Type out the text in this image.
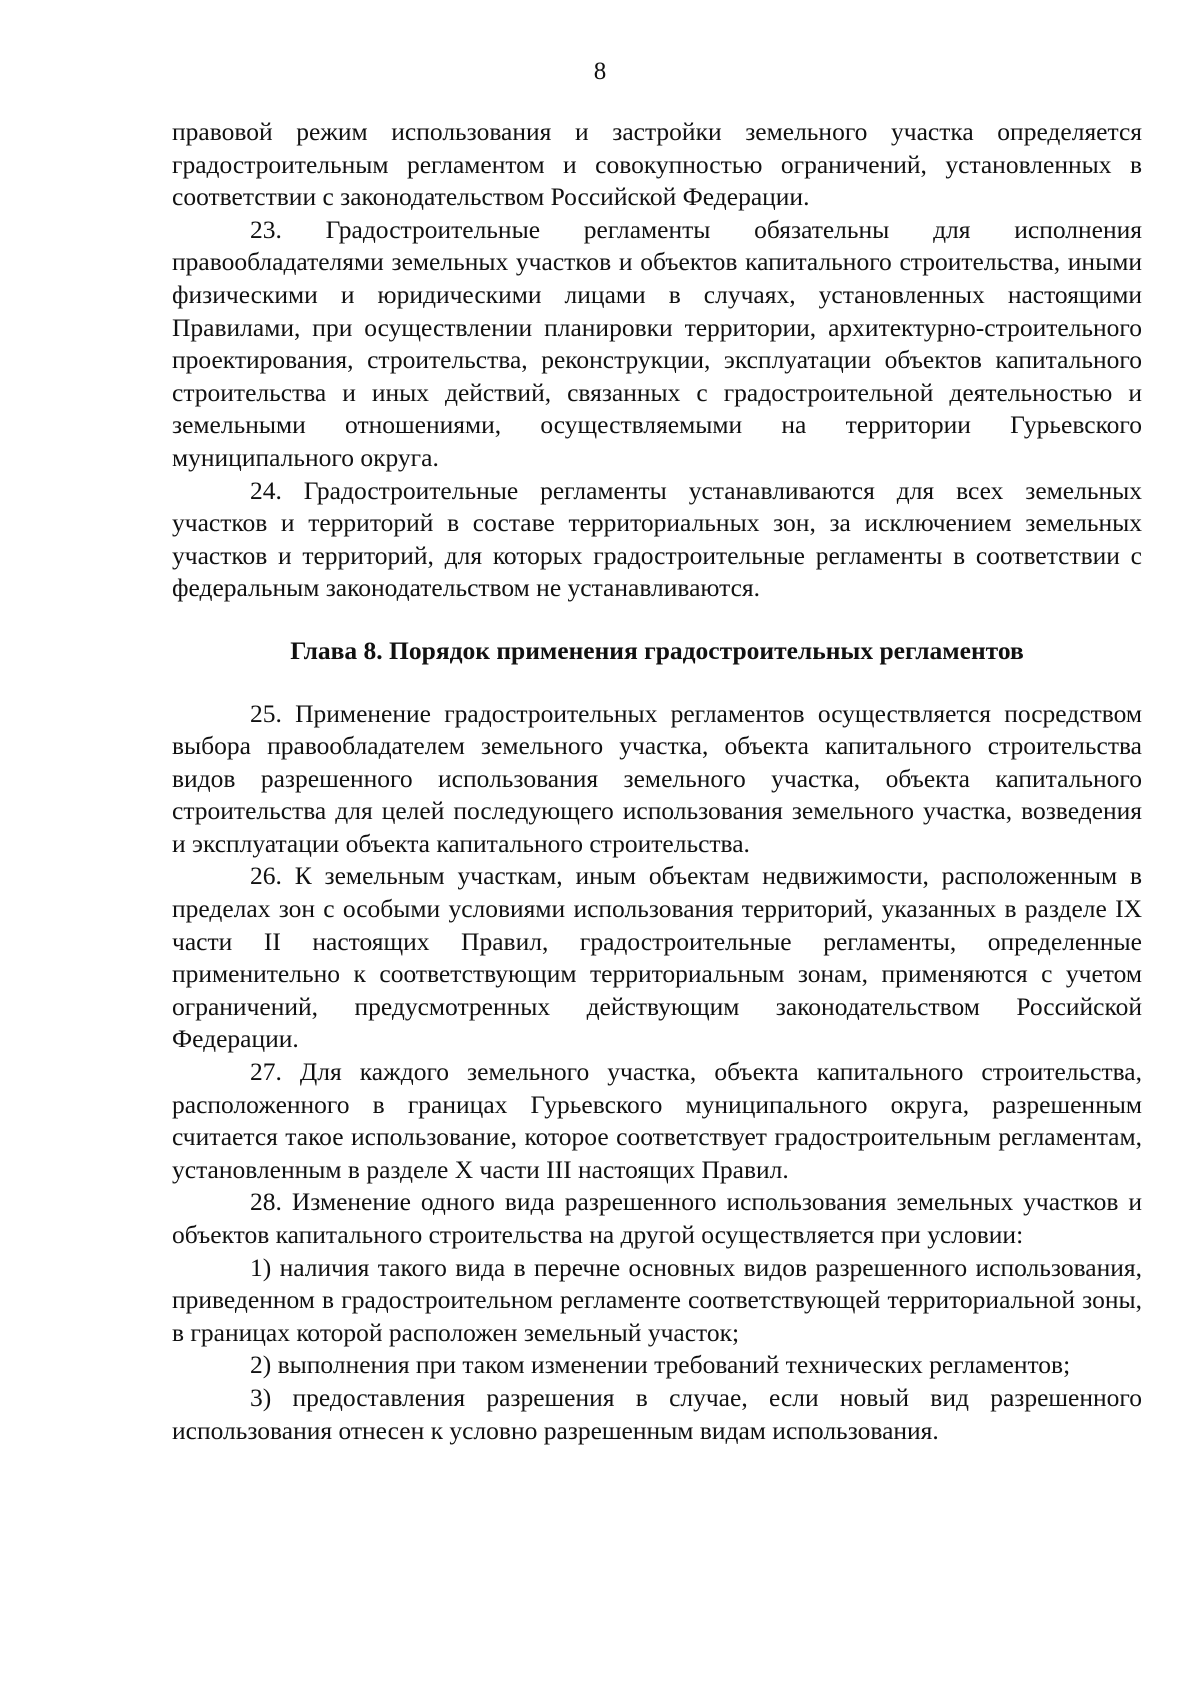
8

правовой режим использования и застройки земельного участка определяется градостроительным регламентом и совокупностью ограничений, установленных в соответствии с законодательством Российской Федерации.

23. Градостроительные регламенты обязательны для исполнения правообладателями земельных участков и объектов капитального строительства, иными физическими и юридическими лицами в случаях, установленных настоящими Правилами, при осуществлении планировки территории, архитектурно-строительного проектирования, строительства, реконструкции, эксплуатации объектов капитального строительства и иных действий, связанных с градостроительной деятельностью и земельными отношениями, осуществляемыми на территории Гурьевского муниципального округа.

24. Градостроительные регламенты устанавливаются для всех земельных участков и территорий в составе территориальных зон, за исключением земельных участков и территорий, для которых градостроительные регламенты в соответствии с федеральным законодательством не устанавливаются.

Глава 8. Порядок применения градостроительных регламентов

25. Применение градостроительных регламентов осуществляется посредством выбора правообладателем земельного участка, объекта капитального строительства видов разрешенного использования земельного участка, объекта капитального строительства для целей последующего использования земельного участка, возведения и эксплуатации объекта капитального строительства.

26. К земельным участкам, иным объектам недвижимости, расположенным в пределах зон с особыми условиями использования территорий, указанных в разделе IX части II настоящих Правил, градостроительные регламенты, определенные применительно к соответствующим территориальным зонам, применяются с учетом ограничений, предусмотренных действующим законодательством Российской Федерации.

27. Для каждого земельного участка, объекта капитального строительства, расположенного в границах Гурьевского муниципального округа, разрешенным считается такое использование, которое соответствует градостроительным регламентам, установленным в разделе X части III настоящих Правил.

28. Изменение одного вида разрешенного использования земельных участков и объектов капитального строительства на другой осуществляется при условии:

1) наличия такого вида в перечне основных видов разрешенного использования, приведенном в градостроительном регламенте соответствующей территориальной зоны, в границах которой расположен земельный участок;

2) выполнения при таком изменении требований технических регламентов;

3) предоставления разрешения в случае, если новый вид разрешенного использования отнесен к условно разрешенным видам использования.
